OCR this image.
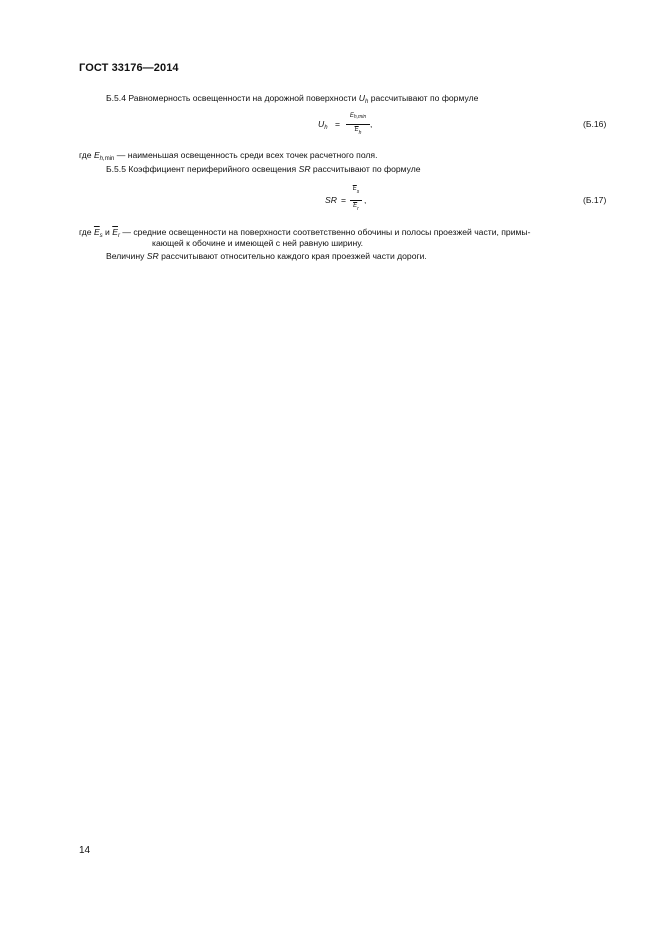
ГОСТ 33176—2014
Б.5.4 Равномерность освещенности на дорожной поверхности $U_h$ рассчитывают по формуле
$U_h$ =
Eh,min
$\overline{E}_h$
,	(Б.16)
где $E_{h,min}$ — наименьшая освещенность среди всех точек расчетного поля.
Б.5.5 Коэффициент периферийного освещения SR рассчитывают по формуле
SR =
$\overline{E}_s$
$\overline{E}_r$
,	(Б.17)
где $\overline{E}_s$ и $\overline{E}_r$ — средние освещенности на поверхности соответственно обочины и полосы проезжей части, примы-
кающей к обочине и имеющей с ней равную ширину.
Величину SR рассчитывают относительно каждого края проезжей части дороги.
14
